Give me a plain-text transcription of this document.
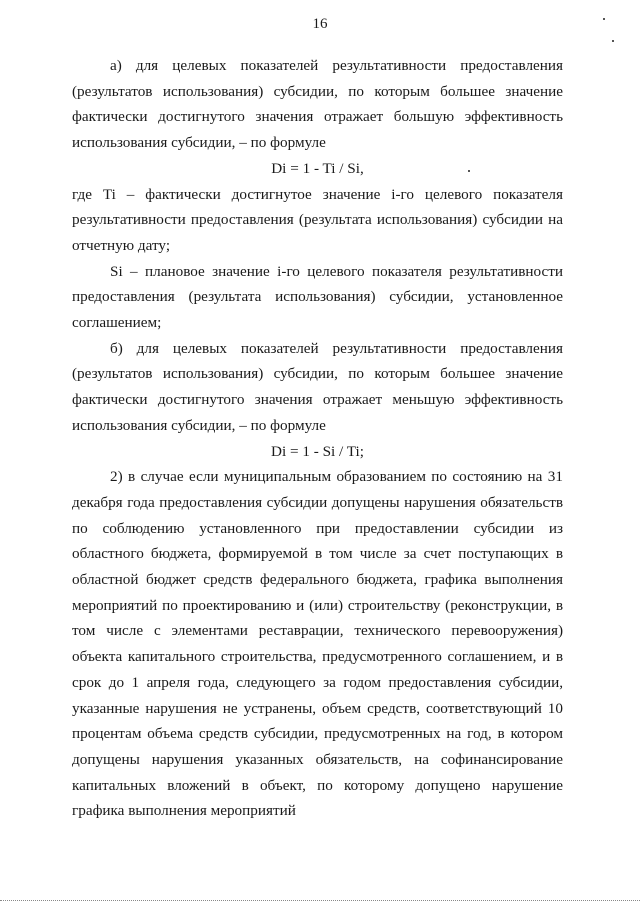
16

а) для целевых показателей результативности предоставления (результатов использования) субсидии, по которым большее значение фактически достигнутого значения отражает большую эффективность использования субсидии, – по формуле

Di = 1 - Ti / Si,

где Ti – фактически достигнутое значение i-го целевого показателя результативности предоставления (результата использования) субсидии на отчетную дату;

Si – плановое значение i-го целевого показателя результативности предоставления (результата использования) субсидии, установленное соглашением;

б) для целевых показателей результативности предоставления (результатов использования) субсидии, по которым большее значение фактически достигнутого значения отражает меньшую эффективность использования субсидии, – по формуле

Di = 1 - Si / Ti;

2) в случае если муниципальным образованием по состоянию на 31 декабря года предоставления субсидии допущены нарушения обязательств по соблюдению установленного при предоставлении субсидии из областного бюджета, формируемой в том числе за счет поступающих в областной бюджет средств федерального бюджета, графика выполнения мероприятий по проектированию и (или) строительству (реконструкции, в том числе с элементами реставрации, технического перевооружения) объекта капитального строительства, предусмотренного соглашением, и в срок до 1 апреля года, следующего за годом предоставления субсидии, указанные нарушения не устранены, объем средств, соответствующий 10 процентам объема средств субсидии, предусмотренных на год, в котором допущены нарушения указанных обязательств, на софинансирование капитальных вложений в объект, по которому допущено нарушение графика выполнения мероприятий
